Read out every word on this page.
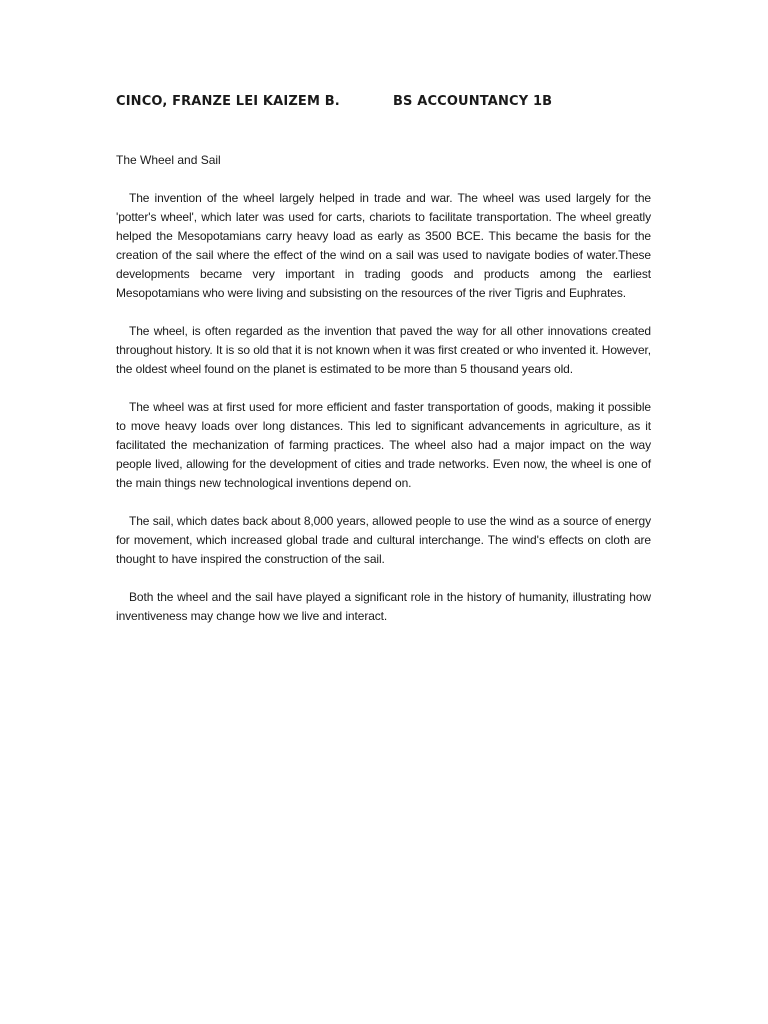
CINCO, FRANZE LEI KAIZEM B.	BS ACCOUNTANCY 1B
The Wheel and Sail

The invention of the wheel largely helped in trade and war. The wheel was used largely for the 'potter's wheel', which later was used for carts, chariots to facilitate transportation. The wheel greatly helped the Mesopotamians carry heavy load as early as 3500 BCE. This became the basis for the creation of the sail where the effect of the wind on a sail was used to navigate bodies of water.These developments became very important in trading goods and products among the earliest Mesopotamians who were living and subsisting on the resources of the river Tigris and Euphrates.

The wheel, is often regarded as the invention that paved the way for all other innovations created throughout history. It is so old that it is not known when it was first created or who invented it. However, the oldest wheel found on the planet is estimated to be more than 5 thousand years old.

The wheel was at first used for more efficient and faster transportation of goods, making it possible to move heavy loads over long distances. This led to significant advancements in agriculture, as it facilitated the mechanization of farming practices. The wheel also had a major impact on the way people lived, allowing for the development of cities and trade networks. Even now, the wheel is one of the main things new technological inventions depend on.

The sail, which dates back about 8,000 years, allowed people to use the wind as a source of energy for movement, which increased global trade and cultural interchange. The wind's effects on cloth are thought to have inspired the construction of the sail.

Both the wheel and the sail have played a significant role in the history of humanity, illustrating how inventiveness may change how we live and interact.
